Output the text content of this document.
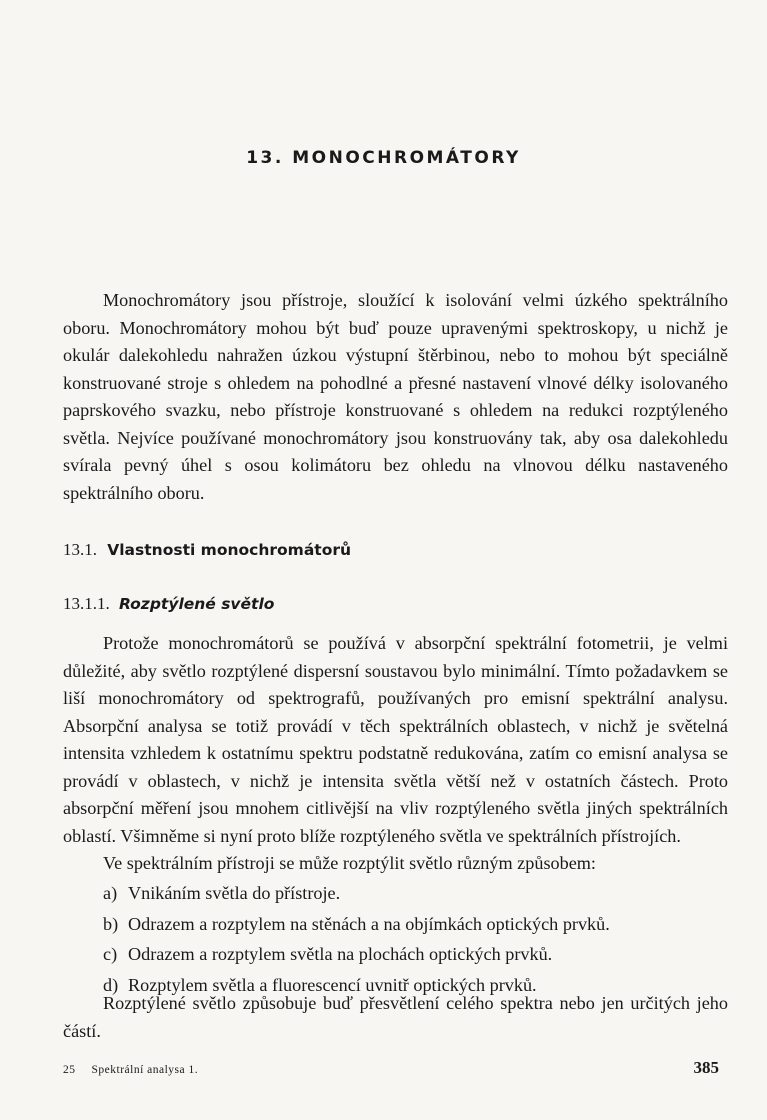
13. MONOCHROMÁTORY

Monochromátory jsou přístroje, sloužící k isolování velmi úzkého spektrálního oboru. Monochromátory mohou být buď pouze upravenými spektroskopy, u nichž je okulár dalekohledu nahražen úzkou výstupní štěrbinou, nebo to mohou být speciálně konstruované stroje s ohledem na pohodlné a přesné nastavení vlnové délky isolovaného paprskového svazku, nebo přístroje konstruované s ohledem na redukci rozptýleného světla. Nejvíce používané monochromátory jsou konstruovány tak, aby osa dalekohledu svírala pevný úhel s osou kolimátoru bez ohledu na vlnovou délku nastaveného spektrálního oboru.

13.1. Vlastnosti monochromátorů
13.1.1. Rozptýlené světlo

Protože monochromátorů se používá v absorpční spektrální fotometrii, je velmi důležité, aby světlo rozptýlené dispersní soustavou bylo minimální. Tímto požadavkem se liší monochromátory od spektrografů, používaných pro emisní spektrální analysu. Absorpční analysa se totiž provádí v těch spektrálních oblastech, v nichž je světelná intensita vzhledem k ostatnímu spektru podstatně redukována, zatím co emisní analysa se provádí v oblastech, v nichž je intensita světla větší než v ostatních částech. Proto absorpční měření jsou mnohem citlivější na vliv rozptýleného světla jiných spektrálních oblastí. Všimněme si nyní proto blíže rozptýleného světla ve spektrálních přístrojích.

Ve spektrálním přístroji se může rozptýlit světlo různým způsobem:

a) Vnikáním světla do přístroje.
b) Odrazem a rozptylem na stěnách a na objímkách optických prvků.
c) Odrazem a rozptylem světla na plochách optických prvků.
d) Rozptylem světla a fluorescencí uvnitř optických prvků.

Rozptýlené světlo způsobuje buď přesvětlení celého spektra nebo jen určitých jeho částí.

25 Spektrální analysa 1.	385
